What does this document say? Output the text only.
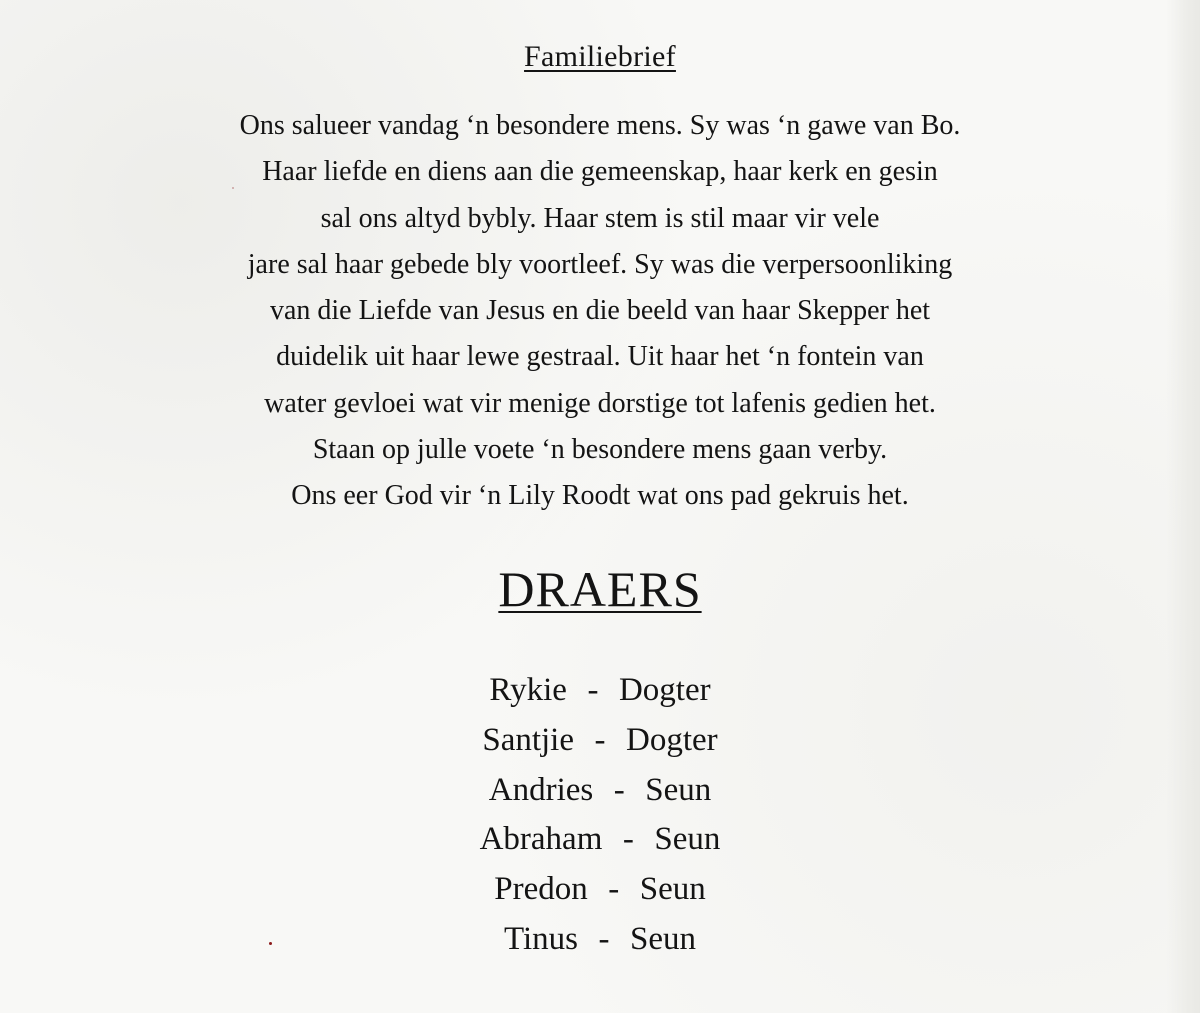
Familiebrief
Ons salueer vandag ‘n besondere mens. Sy was ‘n gawe van Bo.
Haar liefde en diens aan die gemeenskap, haar kerk en gesin
sal ons altyd bybly. Haar stem is stil maar vir vele
jare sal haar gebede bly voortleef. Sy was die verpersoonliking
van die Liefde van Jesus en die beeld van haar Skepper het
duidelik uit haar lewe gestraal. Uit haar het ‘n fontein van
water gevloei wat vir menige dorstige tot lafenis gedien het.
Staan op julle voete ‘n besondere mens gaan verby.
Ons eer God vir ‘n Lily Roodt wat ons pad gekruis het.
DRAERS
Rykie - Dogter
Santjie - Dogter
Andries - Seun
Abraham - Seun
Predon - Seun
Tinus - Seun
